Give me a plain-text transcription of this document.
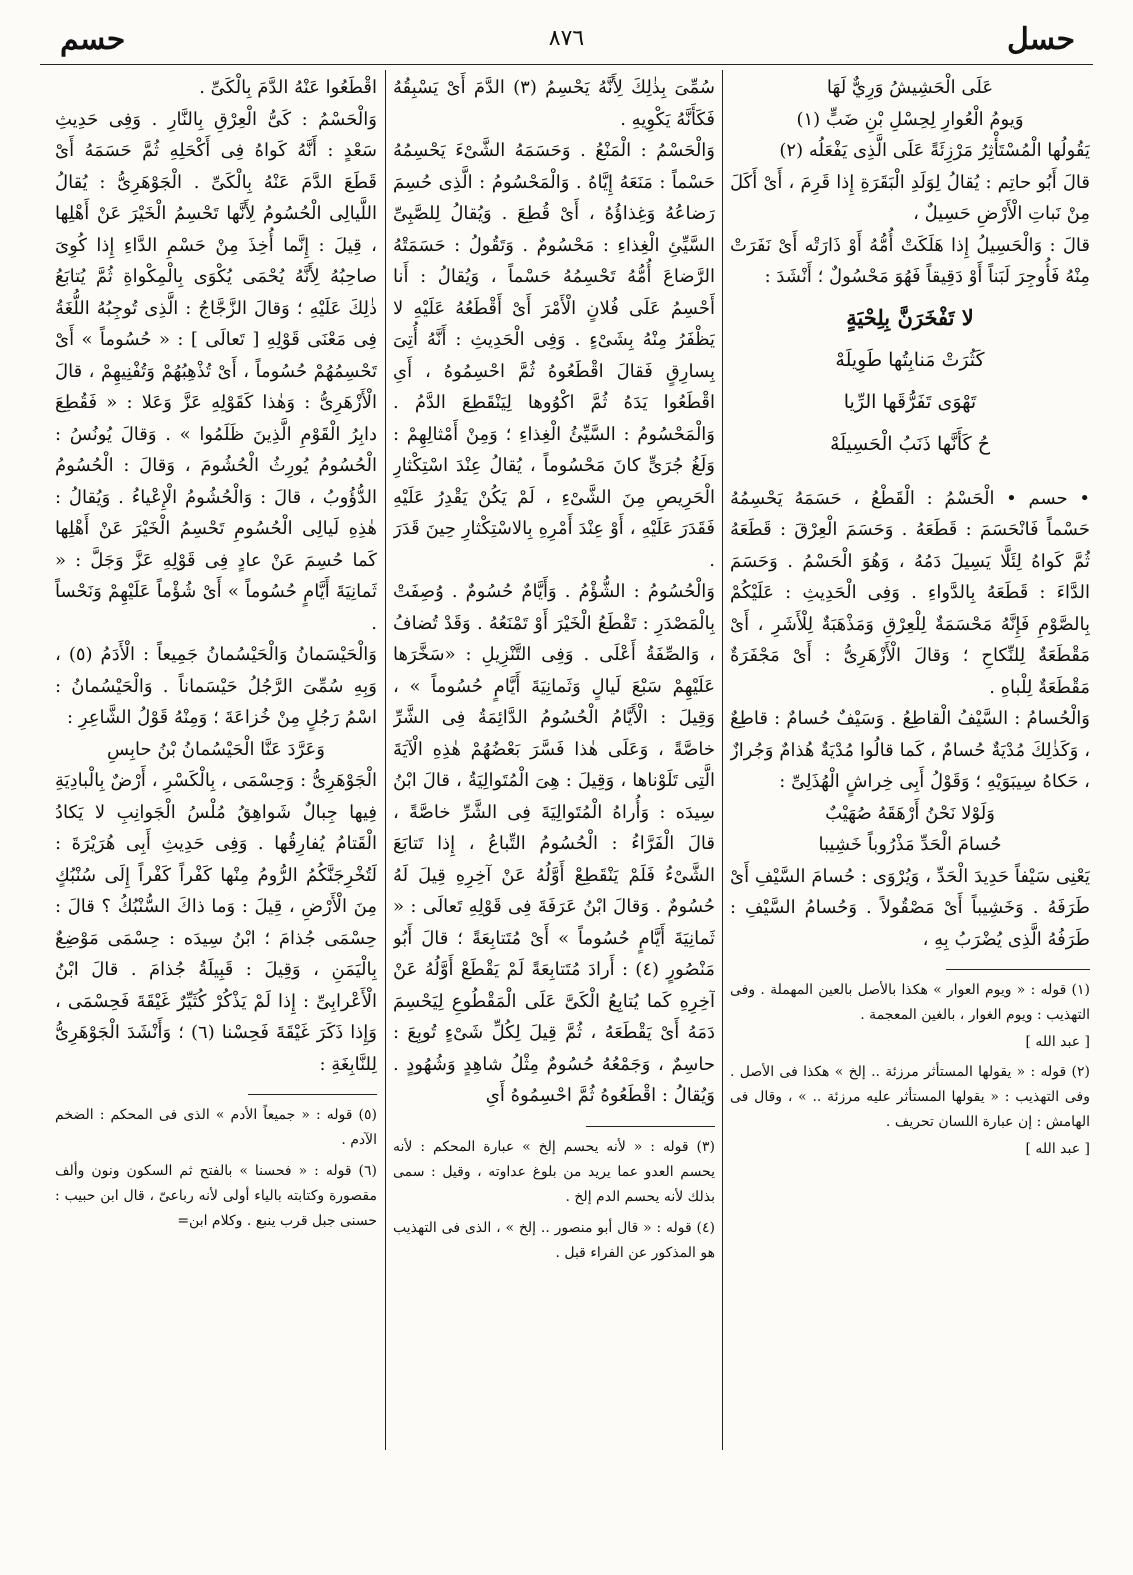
حسل
٨٧٦
حسم

عَلَى الْحَشِيشُ وَرِيٌّ لَهَا

وَيومُ الْعُوارِ لِحِسْلِ بْنِ ضَبٍّ (١)

يَقُولُها الْمُسْتَأْثِرُ مَرْزِئَةً عَلَى الَّذِى يَفْعَلُه (٢)

قالَ أَبُو حاتِم : يُقالُ لِوَلَدِ الْبَقَرَةِ إِذا قَرِمَ ، أَىْ أَكَلَ مِنْ نَباتِ الْأَرْضِ حَسِيلٌ ،

قالَ : وَالْحَسِيلُ إِذا هَلَكَتْ أُمُّهُ أَوْ ذَارَتْه أَىْ نَفَرَتْ مِنْهُ فَأُوجِرَ لَبَناً أَوْ دَقِيقاً فَهُوَ مَحْسُولٌ ؛ أَنْشَدَ :

لا تَفْخَرَنَّ بِلِحْيَةٍ
كَثُرَتْ مَنابِتُها طَوِيلَهْ
تَهْوَى تَفَرُّقَها الرِّيا
حُ كَأَنَّها ذَنَبُ الْحَسِيلَهْ

• حسم • الْحَسْمُ : الْقَطْعُ ، حَسَمَهُ يَحْسِمُهُ حَسْماً فَانْحَسَمَ : قَطَعَهُ . وَحَسَمَ الْعِرْقَ : قَطَعَهُ ثُمَّ كَواهُ لِئَلَّا يَسِيلَ دَمُهُ ، وَهُوَ الْحَسْمُ . وَحَسَمَ الدَّاءَ : قَطَعَهُ بِالدَّواءِ . وَفِى الْحَدِيثِ : عَلَيْكُمْ بِالصَّوْمِ فَإِنَّهُ مَحْسَمَةٌ لِلْعِرْقِ وَمَذْهَبَةٌ لِلْأَشَرِ ، أَىْ مَقْطَعَةٌ لِلنِّكاحِ ؛ وَقالَ الْأَزْهَرِىُّ : أَىْ مَجْفَرَةٌ مَقْطَعَةٌ لِلْباهِ .

وَالْحُسامُ : السَّيْفُ الْقاطِعُ . وَسَيْفٌ حُسامٌ : قاطِعٌ ، وَكَذٰلِكَ مُدْيَةٌ حُسامٌ ، كَما قالُوا مُدْيَةٌ هُذامٌ وَجُرازٌ ، حَكاهُ سِيبَوَيْهِ ؛ وَقَوْلُ أَبِى خِراشٍ الْهُذَلِىِّ :

وَلَوْلا نَحْنُ أَرْهَقَهُ صُهَيْبٌ

حُسامَ الْحَدِّ مَذْرُوباً خَشِيبا

يَعْنِى سَيْفاً حَدِيدَ الْحَدِّ ، وَيُرْوَى : حُسامَ السَّيْفِ أَىْ طَرَفَهُ . وَخَشِيباً أَىْ مَصْقُولاً . وَحُسامُ السَّيْفِ : طَرَفُهُ الَّذِى يُضْرَبُ بِهِ ،

(١) قوله : « ويوم العوار » هكذا بالأصل بالعين المهملة . وفى التهذيب : ويوم الغوار ، بالغين المعجمة .

[ عبد الله ]

(٢) قوله : « يقولها المستأثر مرزئة .. إلخ » هكذا فى الأصل . وفى التهذيب : « يقولها المستأثر عليه مرزئة .. » ، وقال فى الهامش : إن عبارة اللسان تحريف .

[ عبد الله ]

سُمِّىَ بِذٰلِكَ لِأَنَّهُ يَحْسِمُ (٣) الدَّمَ أَىْ يَسْبِقُهُ فَكَأَنَّهُ يَكْوِيهِ .

وَالْحَسْمُ : الْمَنْعُ . وَحَسَمَهُ الشَّىْءَ يَحْسِمُهُ حَسْماً : مَنَعَهُ إِيَّاهُ . وَالْمَحْسُومُ : الَّذِى حُسِمَ رَضاعُهُ وَغِذاؤُهُ ، أَىْ قُطِعَ . وَيُقالُ لِلصَّبِىِّ السَّيِّئِ الْغِذاءِ : مَحْسُومٌ . وَتَقُولُ : حَسَمَتْهُ الرَّضاعَ أُمُّهُ تَحْسِمُهُ حَسْماً ، وَيُقالُ : أَنا أَحْسِمُ عَلَى فُلانٍ الْأَمْرَ أَىْ أَقْطَعُهُ عَلَيْهِ لا يَظْفَرُ مِنْهُ بِشَىْءٍ . وَفِى الْحَدِيثِ : أَنَّهُ أُتِىَ بِسارِقٍ فَقالَ اقْطَعُوهُ ثُمَّ احْسِمُوهُ ، أَىِ اقْطَعُوا يَدَهُ ثُمَّ اكْوُوها لِيَنْقَطِعَ الدَّمُ . وَالْمَحْسُومُ : السَّيِّئُ الْغِذاءِ ؛ وَمِنْ أَمْثالِهِمْ : وَلَغُ جُرَىٍّ كانَ مَحْسُوماً ، يُقالُ عِنْدَ اسْتِكْثارِ الْحَرِيصِ مِنَ الشَّىْءِ ، لَمْ يَكُنْ يَقْدِرُ عَلَيْهِ فَقَدَرَ عَلَيْهِ ، أَوْ عِنْدَ أَمْرِهِ بِالاسْتِكْثارِ حِينَ قَدَرَ .

وَالْحُسُومُ : الشُّؤْمُ . وَأَيَّامٌ حُسُومٌ . وُصِفَتْ بِالْمَصْدَرِ : تَقْطَعُ الْخَيْرَ أَوْ تَمْنَعُهُ . وَقَدْ تُضافُ ، وَالصِّفَةُ أَعْلَى . وَفِى التَّنْزِيلِ : «سَخَّرَها عَلَيْهِمْ سَبْعَ لَيالٍ وَثَمانِيَةَ أَيَّامٍ حُسُوماً » ، وَقِيلَ : الْأَيَّامُ الْحُسُومُ الدَّائِمَةُ فِى الشَّرِّ خاصَّةً ، وَعَلَى هٰذا فَسَّرَ بَعْضُهُمْ هٰذِهِ الْآيَةَ الَّتِى تَلَوْناها ، وَقِيلَ : هِىَ الْمُتَوالِيَةُ ، قالَ ابْنُ سِيدَه : وَأُراهُ الْمُتَوالِيَةَ فِى الشَّرِّ خاصَّةً ، قالَ الْفَرَّاءُ : الْحُسُومُ التِّباعُ ، إِذا تَتابَعَ الشَّىْءُ فَلَمْ يَنْقَطِعْ أَوَّلُهُ عَنْ آخِرِهِ قِيلَ لَهُ حُسُومٌ . وَقالَ ابْنُ عَرَفَةَ فِى قَوْلِهِ تَعالَى : « ثَمانِيَةَ أَيَّامٍ حُسُوماً » أَىْ مُتَتابِعَةً ؛ قالَ أَبُو مَنْصُورٍ (٤) : أَرادَ مُتَتابِعَةً لَمْ يَقْطَعْ أَوَّلُهُ عَنْ آخِرِهِ كَما يُتابِعُ الْكَىَّ عَلَى الْمَقْطُوعِ لِيَحْسِمَ دَمَهُ أَىْ يَقْطَعَهُ ، ثُمَّ قِيلَ لِكُلِّ شَىْءٍ تُوبِعَ : حاسِمٌ ، وَجَمْعُهُ حُسُومٌ مِثْلُ شاهِدٍ وَشُهُودٍ . وَيُقالُ : اقْطَعُوهُ ثُمَّ احْسِمُوهُ أَىِ

(٣) قوله : « لأنه يحسم إلخ » عبارة المحكم : لأنه يحسم العدو عما يريد من بلوغ عداوته ، وقيل : سمى بذلك لأنه يحسم الدم إلخ .

(٤) قوله : « قال أبو منصور .. إلخ » ، الذى فى التهذيب هو المذكور عن الفراء قبل .

اقْطَعُوا عَنْهُ الدَّمَ بِالْكَىِّ .

وَالْحَسْمُ : كَىُّ الْعِرْقِ بِالنَّارِ . وَفِى حَدِيثِ سَعْدٍ : أَنَّهُ كَواهُ فِى أَكْحَلِهِ ثُمَّ حَسَمَهُ أَىْ قَطَعَ الدَّمَ عَنْهُ بِالْكَىِّ . الْجَوْهَرِىُّ : يُقالُ اللَّيالِى الْحُسُومُ لِأَنَّها تَحْسِمُ الْخَيْرَ عَنْ أَهْلِها ، قِيلَ : إِنَّما أُخِذَ مِنْ حَسْمِ الدَّاءِ إِذا كُوِىَ صاحِبُهُ لِأَنَّهُ يُحْمَى يُكْوَى بِالْمِكْواةِ ثُمَّ يُتابَعُ ذٰلِكَ عَلَيْهِ ؛ وَقالَ الزَّجَّاجُ : الَّذِى تُوجِبُهُ اللُّغَةُ فِى مَعْنَى قَوْلِهِ [ تَعالَى ] : « حُسُوماً » أَىْ تَحْسِمُهُمْ حُسُوماً ، أَىْ تُذْهِبُهُمْ وَتُفْنِيهِمْ ، قالَ الْأَزْهَرِىُّ : وَهٰذا كَقَوْلِهِ عَزَّ وَعَلا : « فَقُطِعَ دابِرُ الْقَوْمِ الَّذِينَ ظَلَمُوا » . وَقالَ يُونُسُ : الْحُسُومُ يُورِثُ الْحُشُومَ ، وَقالَ : الْحُسُومُ الدُّؤُوبُ ، قالَ : وَالْحُشُومُ الْإِعْياءُ . وَيُقالُ : هٰذِهِ لَيالِى الْحُسُومِ تَحْسِمُ الْخَيْرَ عَنْ أَهْلِها كَما حُسِمَ عَنْ عادٍ فِى قَوْلِهِ عَزَّ وَجَلَّ : « ثَمانِيَةَ أَيَّامٍ حُسُوماً » أَىْ شُؤْماً عَلَيْهِمْ وَنَحْساً .

وَالْحَيْسَمانُ وَالْحَيْسُمانُ جَمِيعاً : الْأَدَمُ (٥) ، وَبِهِ سُمِّىَ الرَّجُلُ حَيْسَماناً . وَالْحَيْسُمانُ : اسْمُ رَجُلٍ مِنْ خُزاعَةَ ؛ وَمِنْهُ قَوْلُ الشَّاعِرِ :

وَعَرَّدَ عَنَّا الْحَيْسُمانُ بْنُ حابِسِ

الْجَوْهَرِىُّ : وَحِسْمَى ، بِالْكَسْرِ ، أَرْضٌ بِالْبادِيَةِ فِيها جِبالٌ شَواهِقُ مُلْسُ الْجَوانِبِ لا يَكادُ الْقَتامُ يُفارِقُها . وَفِى حَدِيثِ أَبِى هُرَيْرَةَ : لَتُخْرِجَنَّكُمُ الرُّومُ مِنْها كَفْراً كَفْراً إِلَى سُنْبُكٍ مِنَ الْأَرْضِ ، قِيلَ : وَما ذاكَ السُّنْبُكُ ؟ قالَ : حِسْمَى جُذامَ ؛ ابْنُ سِيدَه : حِسْمَى مَوْضِعٌ بِالْيَمَنِ ، وَقِيلَ : قَبِيلَةُ جُذامَ . قالَ ابْنُ الْأَعْرابِىِّ : إِذا لَمْ يَذْكُرْ كُثَيِّرٌ غَيْقَةَ فَحِسْمَى ، وَإِذا ذَكَرَ غَيْقَةَ فَحِسْنا (٦) ؛ وَأَنْشَدَ الْجَوْهَرِىُّ لِلنَّابِغَةِ :

(٥) قوله : « جميعاً الأدم » الذى فى المحكم : الضخم الآدم .

(٦) قوله : « فحسنا » بالفتح ثم السكون ونون وألف مقصورة وكتابته بالياء أولى لأنه رباعىّ ، قال ابن حبيب : حسنى جبل قرب ينبع . وكلام ابن=
